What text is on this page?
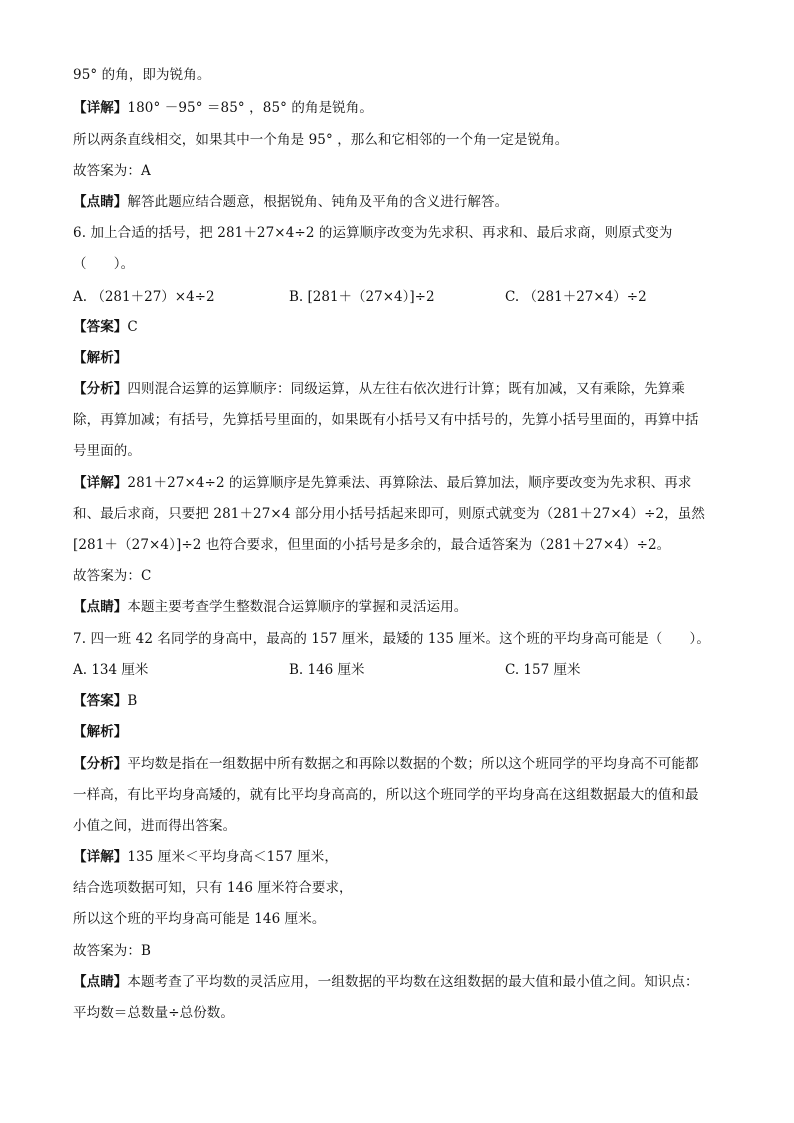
95° 的角，即为锐角。
【详解】180° －95° ＝85° ，85° 的角是锐角。
所以两条直线相交，如果其中一个角是 95° ，那么和它相邻的一个角一定是锐角。
故答案为：A
【点睛】解答此题应结合题意，根据锐角、钝角及平角的含义进行解答。
6. 加上合适的括号，把 281＋27×4÷2 的运算顺序改变为先求积、再求和、最后求商，则原式变为
（　　）。
A. （281＋27）×4÷2	B. [281＋（27×4）]÷2	C. （281＋27×4）÷2
【答案】C
【解析】
【分析】四则混合运算的运算顺序：同级运算，从左往右依次进行计算；既有加减，又有乘除，先算乘
除，再算加减；有括号，先算括号里面的，如果既有小括号又有中括号的，先算小括号里面的，再算中括
号里面的。
【详解】281＋27×4÷2 的运算顺序是先算乘法、再算除法、最后算加法，顺序要改变为先求积、再求
和、最后求商，只要把 281＋27×4 部分用小括号括起来即可，则原式就变为（281＋27×4）÷2，虽然
[281＋（27×4）]÷2 也符合要求，但里面的小括号是多余的，最合适答案为（281＋27×4）÷2。
故答案为：C
【点睛】本题主要考查学生整数混合运算顺序的掌握和灵活运用。
7. 四一班 42 名同学的身高中，最高的 157 厘米，最矮的 135 厘米。这个班的平均身高可能是（　　）。
A. 134 厘米	B. 146 厘米	C. 157 厘米
【答案】B
【解析】
【分析】平均数是指在一组数据中所有数据之和再除以数据的个数；所以这个班同学的平均身高不可能都
一样高，有比平均身高矮的，就有比平均身高高的，所以这个班同学的平均身高在这组数据最大的值和最
小值之间，进而得出答案。
【详解】135 厘米＜平均身高＜157 厘米，
结合选项数据可知，只有 146 厘米符合要求，
所以这个班的平均身高可能是 146 厘米。
故答案为：B
【点睛】本题考查了平均数的灵活应用，一组数据的平均数在这组数据的最大值和最小值之间。知识点：
平均数＝总数量÷总份数。
